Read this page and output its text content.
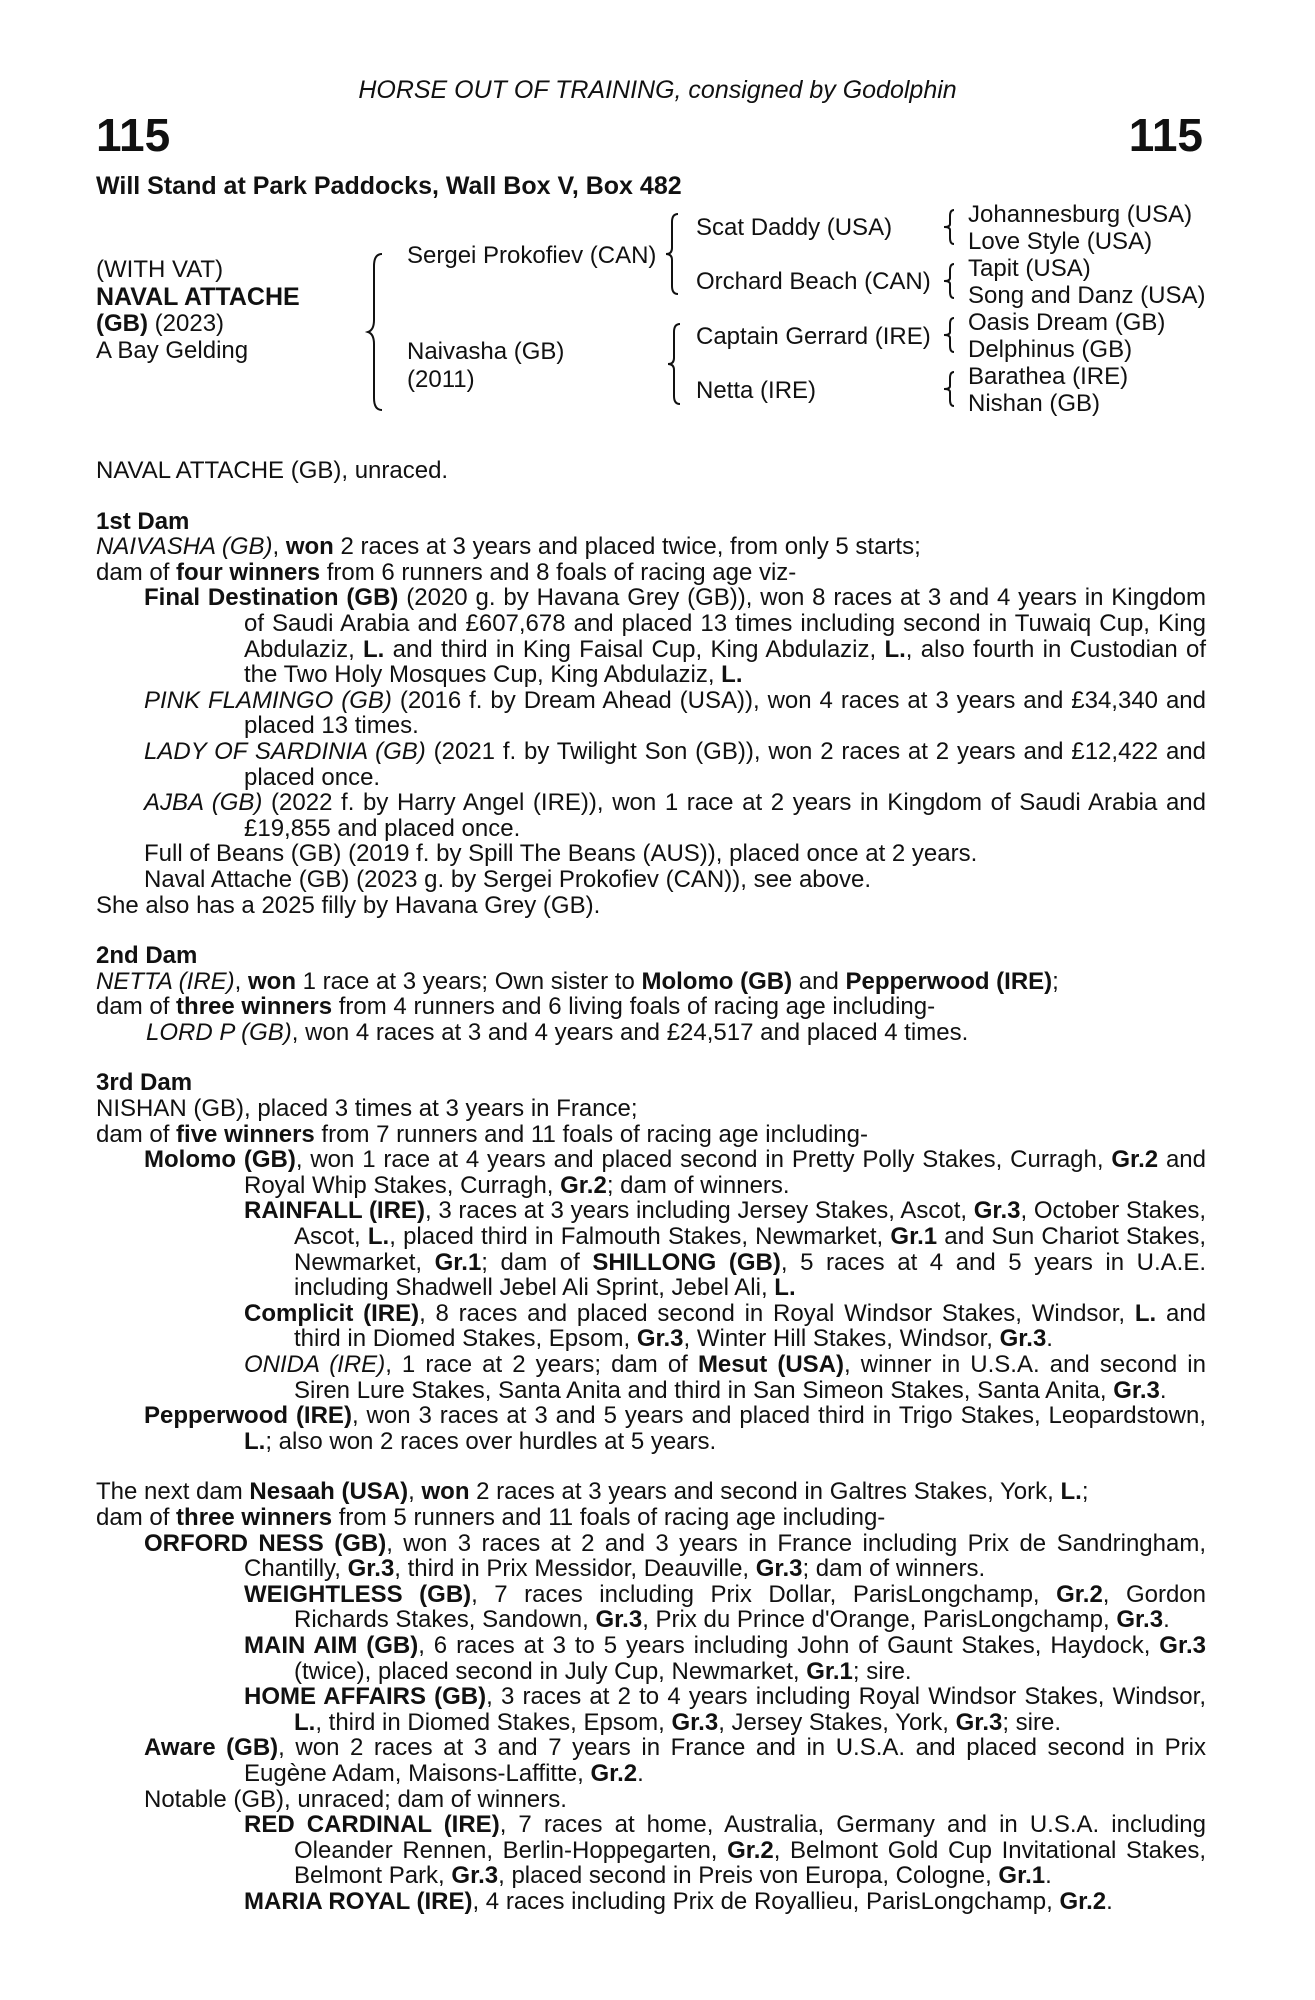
HORSE OUT OF TRAINING, consigned by Godolphin
115	115
Will Stand at Park Paddocks, Wall Box V, Box 482
(WITH VAT)
NAVAL ATTACHE
(GB) (2023)
A Bay Gelding
Sergei Prokofiev (CAN)
Naivasha (GB)
(2011)
Scat Daddy (USA)
Orchard Beach (CAN)
Captain Gerrard (IRE)
Netta (IRE)
Johannesburg (USA)
Love Style (USA)
Tapit (USA)
Song and Danz (USA)
Oasis Dream (GB)
Delphinus (GB)
Barathea (IRE)
Nishan (GB)
NAVAL ATTACHE (GB), unraced.
1st Dam
NAIVASHA (GB), won 2 races at 3 years and placed twice, from only 5 starts;
dam of four winners from 6 runners and 8 foals of racing age viz-
Final Destination (GB) (2020 g. by Havana Grey (GB)), won 8 races at 3 and 4 years in Kingdom of Saudi Arabia and £607,678 and placed 13 times including second in Tuwaiq Cup, King Abdulaziz, L. and third in King Faisal Cup, King Abdulaziz, L., also fourth in Custodian of the Two Holy Mosques Cup, King Abdulaziz, L.
PINK FLAMINGO (GB) (2016 f. by Dream Ahead (USA)), won 4 races at 3 years and £34,340 and placed 13 times.
LADY OF SARDINIA (GB) (2021 f. by Twilight Son (GB)), won 2 races at 2 years and £12,422 and placed once.
AJBA (GB) (2022 f. by Harry Angel (IRE)), won 1 race at 2 years in Kingdom of Saudi Arabia and £19,855 and placed once.
Full of Beans (GB) (2019 f. by Spill The Beans (AUS)), placed once at 2 years.
Naval Attache (GB) (2023 g. by Sergei Prokofiev (CAN)), see above.
She also has a 2025 filly by Havana Grey (GB).
2nd Dam
NETTA (IRE), won 1 race at 3 years; Own sister to Molomo (GB) and Pepperwood (IRE);
dam of three winners from 4 runners and 6 living foals of racing age including-
LORD P (GB), won 4 races at 3 and 4 years and £24,517 and placed 4 times.
3rd Dam
NISHAN (GB), placed 3 times at 3 years in France;
dam of five winners from 7 runners and 11 foals of racing age including-
Molomo (GB), won 1 race at 4 years and placed second in Pretty Polly Stakes, Curragh, Gr.2 and Royal Whip Stakes, Curragh, Gr.2; dam of winners.
RAINFALL (IRE), 3 races at 3 years including Jersey Stakes, Ascot, Gr.3, October Stakes, Ascot, L., placed third in Falmouth Stakes, Newmarket, Gr.1 and Sun Chariot Stakes, Newmarket, Gr.1; dam of SHILLONG (GB), 5 races at 4 and 5 years in U.A.E. including Shadwell Jebel Ali Sprint, Jebel Ali, L.
Complicit (IRE), 8 races and placed second in Royal Windsor Stakes, Windsor, L. and third in Diomed Stakes, Epsom, Gr.3, Winter Hill Stakes, Windsor, Gr.3.
ONIDA (IRE), 1 race at 2 years; dam of Mesut (USA), winner in U.S.A. and second in Siren Lure Stakes, Santa Anita and third in San Simeon Stakes, Santa Anita, Gr.3.
Pepperwood (IRE), won 3 races at 3 and 5 years and placed third in Trigo Stakes, Leopardstown, L.; also won 2 races over hurdles at 5 years.
The next dam Nesaah (USA), won 2 races at 3 years and second in Galtres Stakes, York, L.;
dam of three winners from 5 runners and 11 foals of racing age including-
ORFORD NESS (GB), won 3 races at 2 and 3 years in France including Prix de Sandringham, Chantilly, Gr.3, third in Prix Messidor, Deauville, Gr.3; dam of winners.
WEIGHTLESS (GB), 7 races including Prix Dollar, ParisLongchamp, Gr.2, Gordon Richards Stakes, Sandown, Gr.3, Prix du Prince d'Orange, ParisLongchamp, Gr.3.
MAIN AIM (GB), 6 races at 3 to 5 years including John of Gaunt Stakes, Haydock, Gr.3 (twice), placed second in July Cup, Newmarket, Gr.1; sire.
HOME AFFAIRS (GB), 3 races at 2 to 4 years including Royal Windsor Stakes, Windsor, L., third in Diomed Stakes, Epsom, Gr.3, Jersey Stakes, York, Gr.3; sire.
Aware (GB), won 2 races at 3 and 7 years in France and in U.S.A. and placed second in Prix Eugène Adam, Maisons-Laffitte, Gr.2.
Notable (GB), unraced; dam of winners.
RED CARDINAL (IRE), 7 races at home, Australia, Germany and in U.S.A. including Oleander Rennen, Berlin-Hoppegarten, Gr.2, Belmont Gold Cup Invitational Stakes, Belmont Park, Gr.3, placed second in Preis von Europa, Cologne, Gr.1.
MARIA ROYAL (IRE), 4 races including Prix de Royallieu, ParisLongchamp, Gr.2.
